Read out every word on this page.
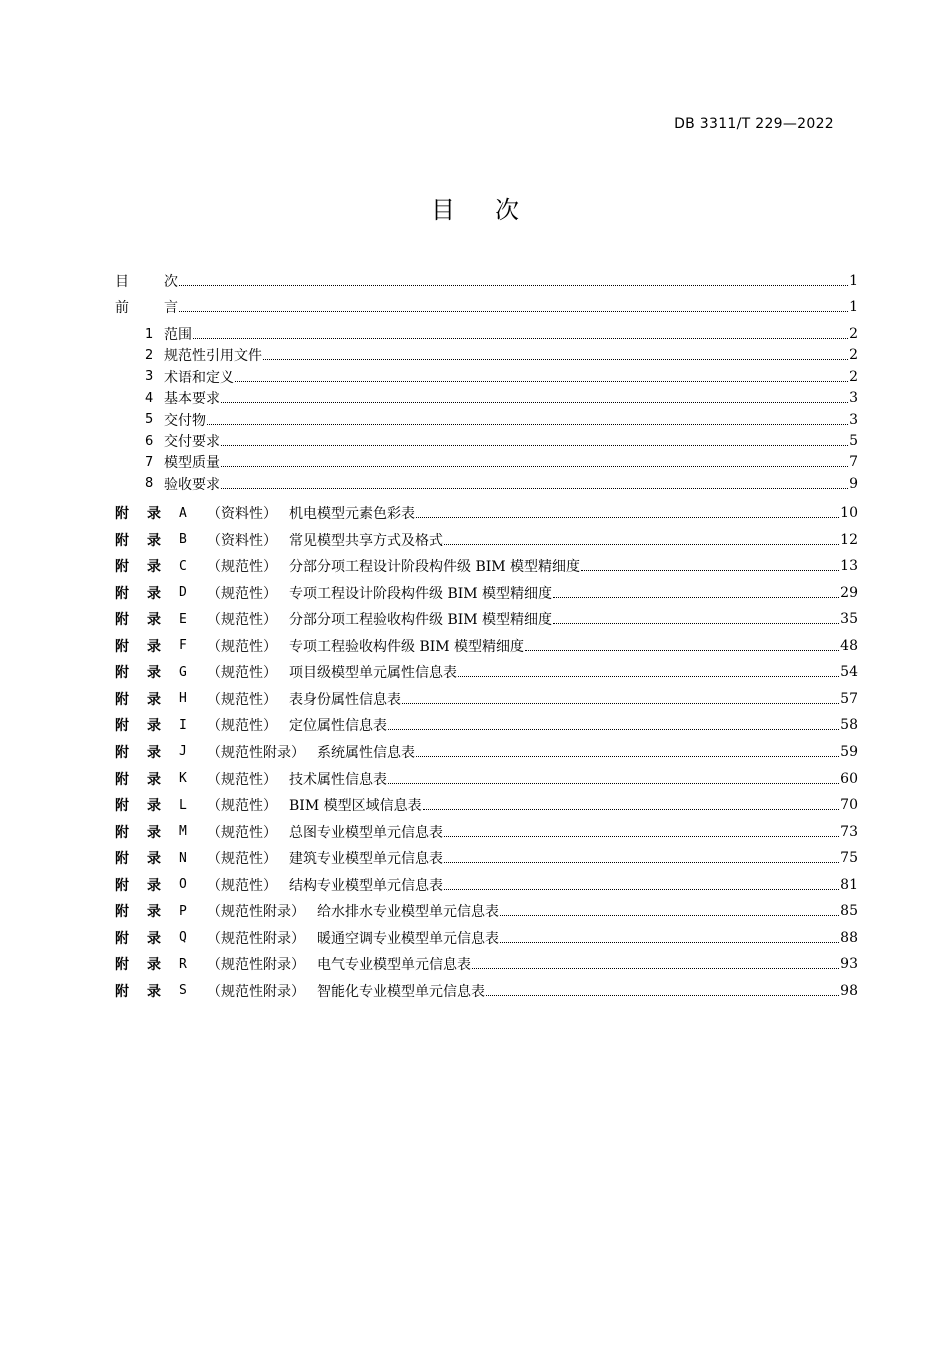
DB 3311/T 229—2022
目次
目	次	1
前	言	1
1 范围	2
2 规范性引用文件	2
3 术语和定义	2
4 基本要求	3
5 交付物	3
6 交付要求	5
7 模型质量	7
8 验收要求	9
附	录	A	（资料性） 机电模型元素色彩表	10
附	录	B	（资料性） 常见模型共享方式及格式	12
附	录	C	（规范性） 分部分项工程设计阶段构件级 BIM 模型精细度	13
附	录	D	（规范性） 专项工程设计阶段构件级 BIM 模型精细度	29
附	录	E	（规范性） 分部分项工程验收构件级 BIM 模型精细度	35
附	录	F	（规范性） 专项工程验收构件级 BIM 模型精细度	48
附	录	G	（规范性） 项目级模型单元属性信息表	54
附	录	H	（规范性） 表身份属性信息表	57
附	录	I	（规范性） 定位属性信息表	58
附	录	J	（规范性附录） 系统属性信息表	59
附	录	K	（规范性） 技术属性信息表	60
附	录	L	（规范性） BIM 模型区域信息表	70
附	录	M	（规范性） 总图专业模型单元信息表	73
附	录	N	（规范性） 建筑专业模型单元信息表	75
附	录	O	（规范性） 结构专业模型单元信息表	81
附	录	P	（规范性附录） 给水排水专业模型单元信息表	85
附	录	Q	（规范性附录） 暖通空调专业模型单元信息表	88
附	录	R	（规范性附录） 电气专业模型单元信息表	93
附	录	S	（规范性附录） 智能化专业模型单元信息表	98
